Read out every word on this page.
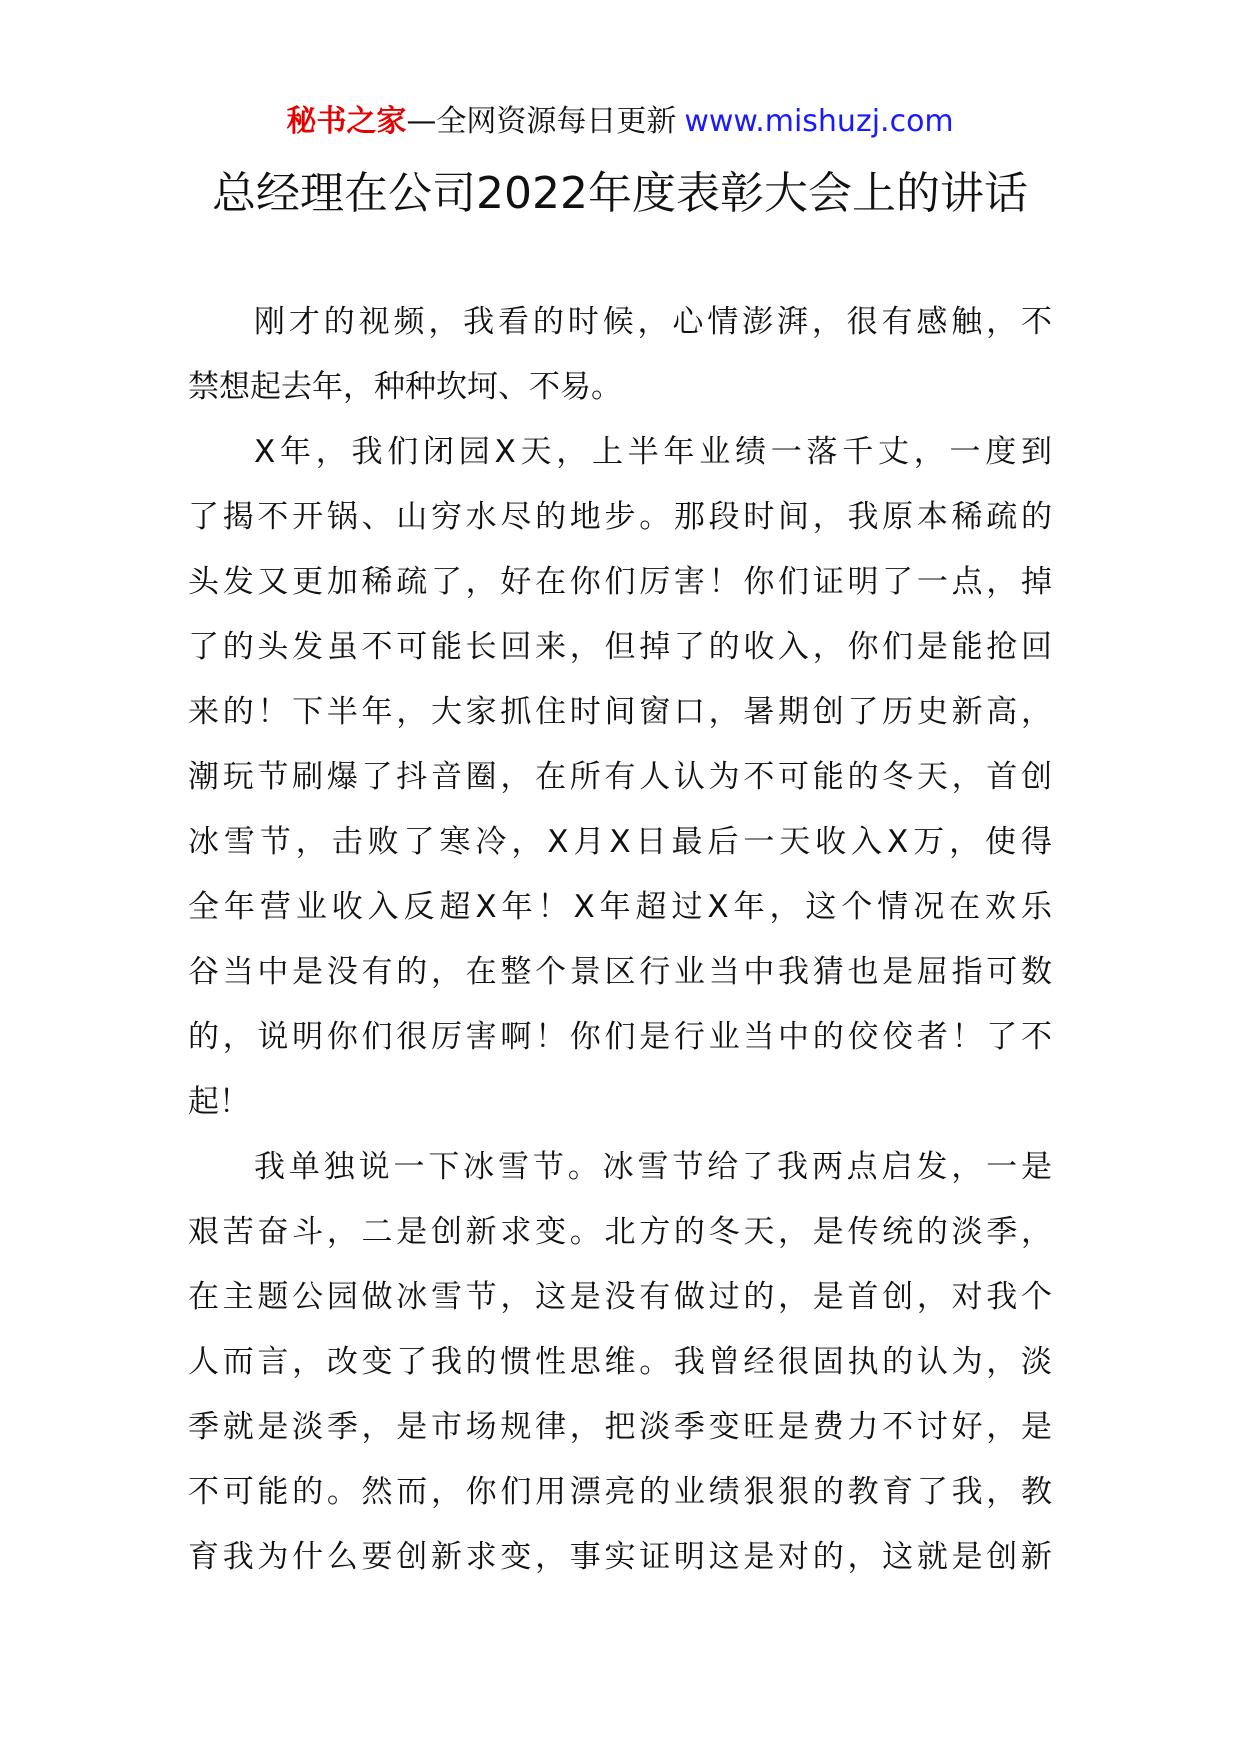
秘书之家—全网资源每日更新 www.mishuzj.com
总经理在公司2022年度表彰大会上的讲话
刚才的视频，我看的时候，心情澎湃，很有感触，不
禁想起去年，种种坎坷、不易。
X年，我们闭园X天，上半年业绩一落千丈，一度到
了揭不开锅、山穷水尽的地步。那段时间，我原本稀疏的
头发又更加稀疏了，好在你们厉害！你们证明了一点，掉
了的头发虽不可能长回来，但掉了的收入，你们是能抢回
来的！下半年，大家抓住时间窗口，暑期创了历史新高，
潮玩节刷爆了抖音圈，在所有人认为不可能的冬天，首创
冰雪节，击败了寒冷，X月X日最后一天收入X万，使得
全年营业收入反超X年！X年超过X年，这个情况在欢乐
谷当中是没有的，在整个景区行业当中我猜也是屈指可数
的，说明你们很厉害啊！你们是行业当中的佼佼者！了不
起！
我单独说一下冰雪节。冰雪节给了我两点启发，一是
艰苦奋斗，二是创新求变。北方的冬天，是传统的淡季，
在主题公园做冰雪节，这是没有做过的，是首创，对我个
人而言，改变了我的惯性思维。我曾经很固执的认为，淡
季就是淡季，是市场规律，把淡季变旺是费力不讨好，是
不可能的。然而，你们用漂亮的业绩狠狠的教育了我，教
育我为什么要创新求变，事实证明这是对的，这就是创新
